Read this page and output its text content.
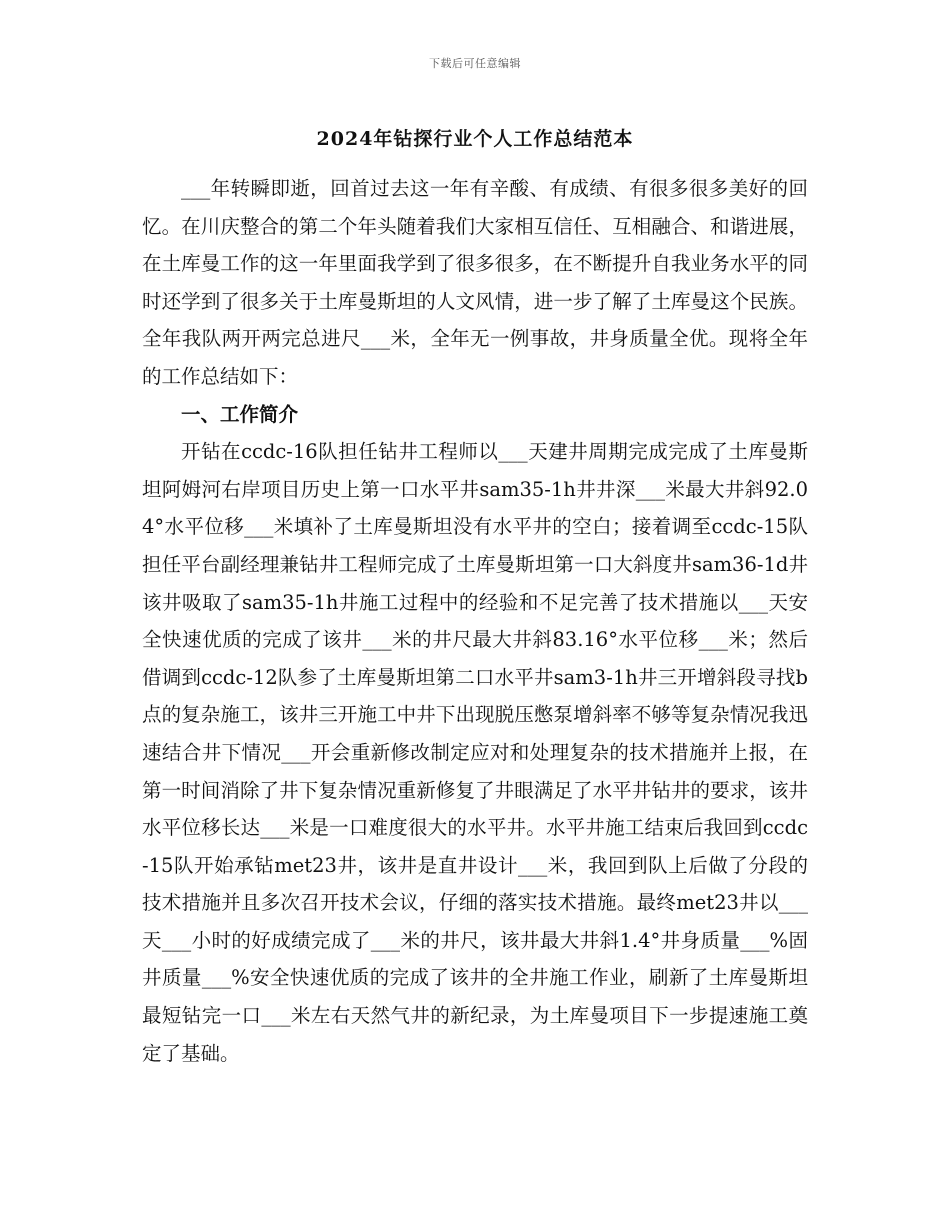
下载后可任意编辑
2024年钻探行业个人工作总结范本

___年转瞬即逝，回首过去这一年有辛酸、有成绩、有很多很多美好的回忆。在川庆整合的第二个年头随着我们大家相互信任、互相融合、和谐进展，在土库曼工作的这一年里面我学到了很多很多，在不断提升自我业务水平的同时还学到了很多关于土库曼斯坦的人文风情，进一步了解了土库曼这个民族。全年我队两开两完总进尺___米，全年无一例事故，井身质量全优。现将全年的工作总结如下：

一、工作简介

开钻在ccdc-16队担任钻井工程师以___天建井周期完成完成了土库曼斯坦阿姆河右岸项目历史上第一口水平井sam35-1h井井深___米最大井斜92.04°水平位移___米填补了土库曼斯坦没有水平井的空白；接着调至ccdc-15队担任平台副经理兼钻井工程师完成了土库曼斯坦第一口大斜度井sam36-1d井该井吸取了sam35-1h井施工过程中的经验和不足完善了技术措施以___天安全快速优质的完成了该井___米的井尺最大井斜83.16°水平位移___米；然后借调到ccdc-12队参了土库曼斯坦第二口水平井sam3-1h井三开增斜段寻找b点的复杂施工，该井三开施工中井下出现脱压憋泵增斜率不够等复杂情况我迅速结合井下情况___开会重新修改制定应对和处理复杂的技术措施并上报，在第一时间消除了井下复杂情况重新修复了井眼满足了水平井钻井的要求，该井水平位移长达___米是一口难度很大的水平井。水平井施工结束后我回到ccdc-15队开始承钻met23井，该井是直井设计___米，我回到队上后做了分段的技术措施并且多次召开技术会议，仔细的落实技术措施。最终met23井以___天___小时的好成绩完成了___米的井尺，该井最大井斜1.4°井身质量___%固井质量___%安全快速优质的完成了该井的全井施工作业，刷新了土库曼斯坦最短钻完一口___米左右天然气井的新纪录，为土库曼项目下一步提速施工奠定了基础。
